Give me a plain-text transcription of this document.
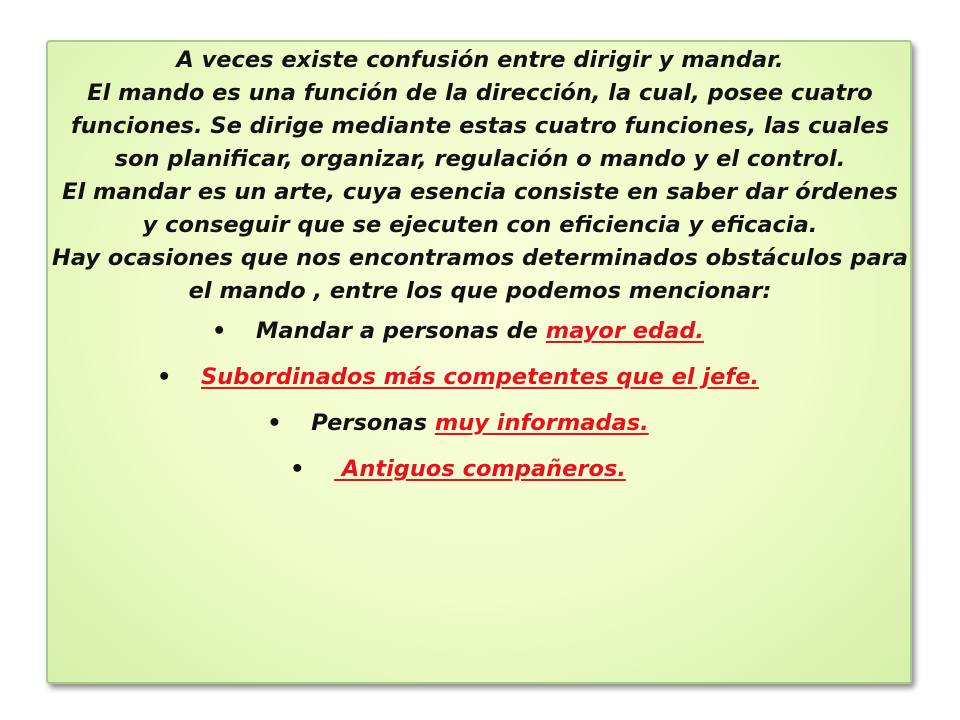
A veces existe confusión entre dirigir y mandar.

El mando es una función de la dirección, la cual, posee cuatro funciones. Se dirige mediante estas cuatro funciones, las cuales son planificar, organizar, regulación o mando y el control.

El mandar es un arte, cuya esencia consiste en saber dar órdenes y conseguir que se ejecuten con eficiencia y eficacia.

Hay ocasiones que nos encontramos determinados obstáculos para el mando , entre los que podemos mencionar:

• Mandar a personas de mayor edad.
• Subordinados más competentes que el jefe.
• Personas muy informadas.
• Antiguos compañeros.
